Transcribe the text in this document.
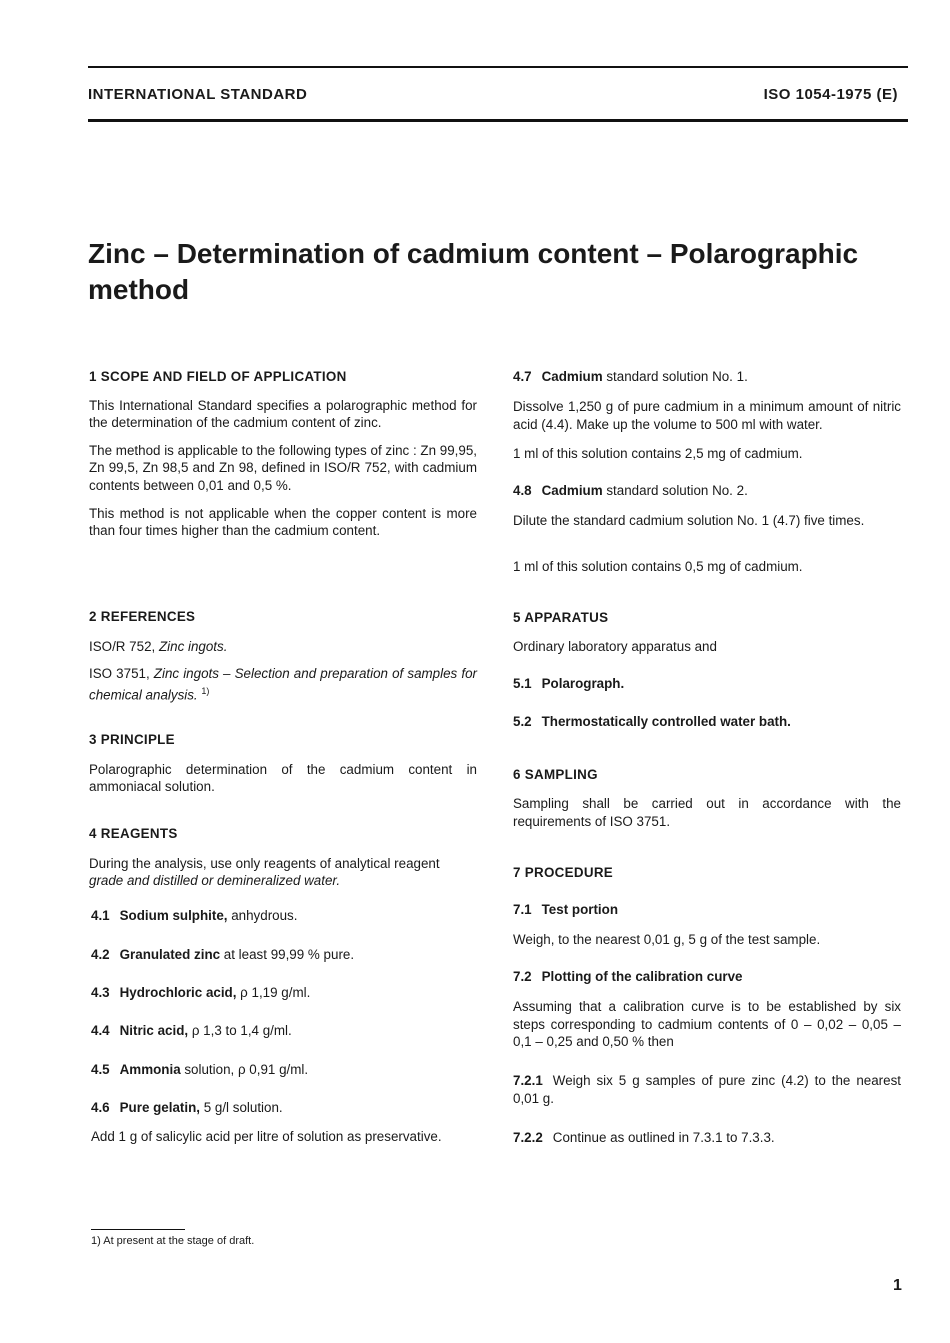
INTERNATIONAL STANDARD	ISO 1054-1975 (E)
Zinc – Determination of cadmium content – Polarographic
method
1 SCOPE AND FIELD OF APPLICATION
This International Standard specifies a polarographic method for the determination of the cadmium content of zinc.
The method is applicable to the following types of zinc : Zn 99,95, Zn 99,5, Zn 98,5 and Zn 98, defined in ISO/R 752, with cadmium contents between 0,01 and 0,5 %.
This method is not applicable when the copper content is more than four times higher than the cadmium content.
2 REFERENCES
ISO/R 752, Zinc ingots.
ISO 3751, Zinc ingots – Selection and preparation of samples for chemical analysis. $^{1)}$
3 PRINCIPLE
Polarographic determination of the cadmium content in ammoniacal solution.
4 REAGENTS
During the analysis, use only reagents of analytical reagent
grade and distilled or demineralized water.
4.1 Sodium sulphite, anhydrous.
4.2 Granulated zinc at least 99,99 % pure.
4.3 Hydrochloric acid, ρ 1,19 g/ml.
4.4 Nitric acid, ρ 1,3 to 1,4 g/ml.
4.5 Ammonia solution, ρ 0,91 g/ml.
4.6 Pure gelatin, 5 g/l solution.
Add 1 g of salicylic acid per litre of solution as preservative.
4.7 Cadmium standard solution No. 1.
Dissolve 1,250 g of pure cadmium in a minimum amount of nitric acid (4.4). Make up the volume to 500 ml with water.
1 ml of this solution contains 2,5 mg of cadmium.
4.8 Cadmium standard solution No. 2.
Dilute the standard cadmium solution No. 1 (4.7) five times.
1 ml of this solution contains 0,5 mg of cadmium.
5 APPARATUS
Ordinary laboratory apparatus and
5.1 Polarograph.
5.2 Thermostatically controlled water bath.
6 SAMPLING
Sampling shall be carried out in accordance with the requirements of ISO 3751.
7 PROCEDURE
7.1 Test portion
Weigh, to the nearest 0,01 g, 5 g of the test sample.
7.2 Plotting of the calibration curve
Assuming that a calibration curve is to be established by six steps corresponding to cadmium contents of 0 – 0,02 – 0,05 – 0,1 – 0,25 and 0,50 % then
7.2.1 Weigh six 5 g samples of pure zinc (4.2) to the nearest 0,01 g.
7.2.2 Continue as outlined in 7.3.1 to 7.3.3.
1) At present at the stage of draft.
1
